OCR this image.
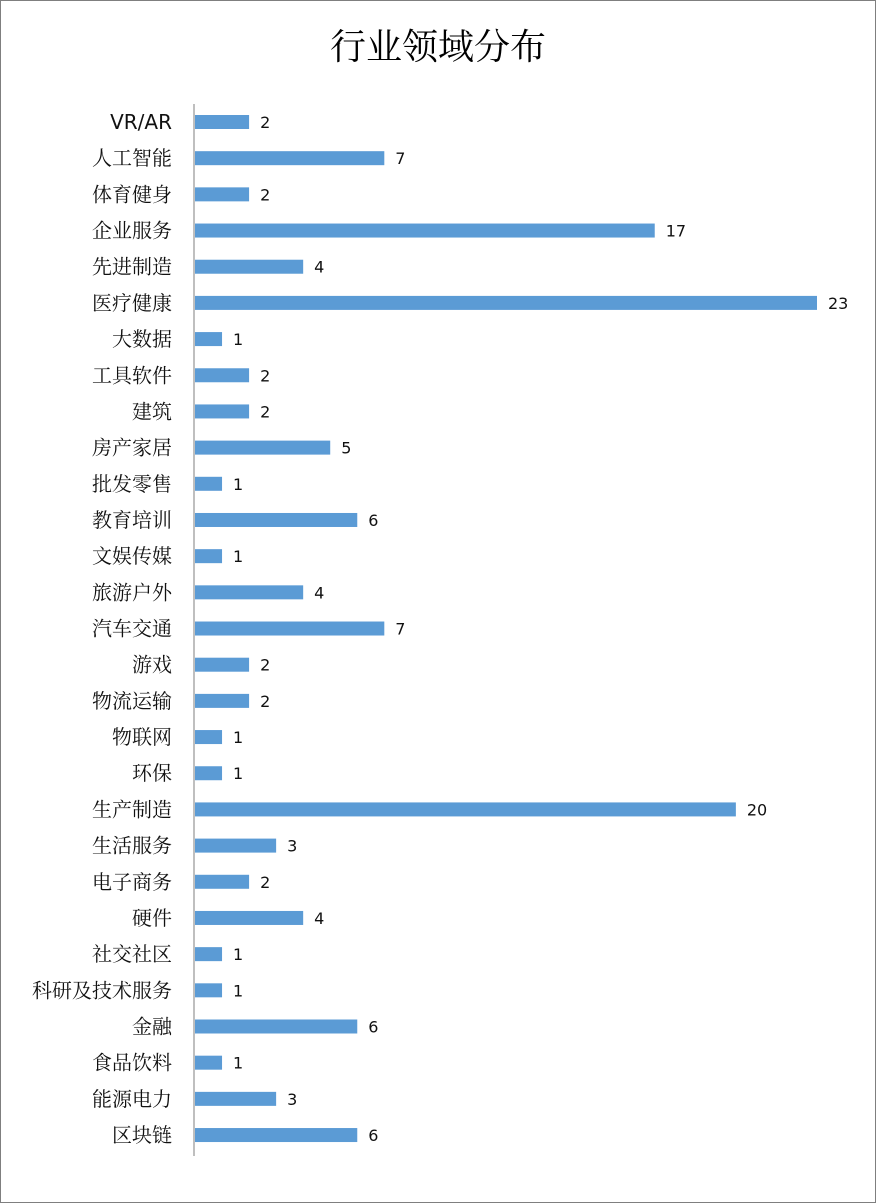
行业领域分布
VR/AR
人工智能
体育健身
企业服务
先进制造
医疗健康
大数据
工具软件
建筑
房产家居
批发零售
教育培训
文娱传媒
旅游户外
汽车交通
游戏
物流运输
物联网
环保
生产制造
生活服务
电子商务
硬件
社交社区
科研及技术服务
金融
食品饮料
能源电力
区块链
2
7
2
17
4
23
1
2
2
5
1
6
1
4
7
2
2
1
1
20
3
2
4
1
1
6
1
3
6
